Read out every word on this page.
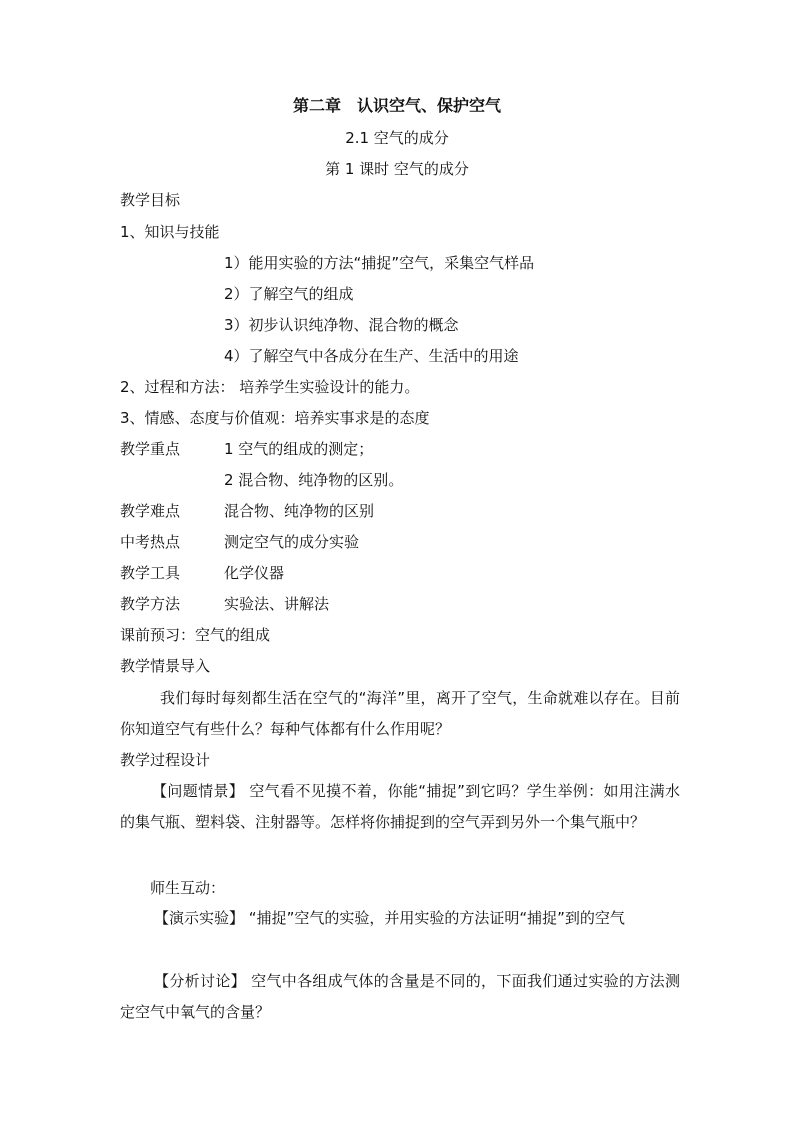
第二章　认识空气、保护空气
2.1 空气的成分
第 1 课时 空气的成分
教学目标
1、知识与技能
1）能用实验的方法“捕捉”空气，采集空气样品
2）了解空气的组成
3）初步认识纯净物、混合物的概念
4）了解空气中各成分在生产、生活中的用途
2、过程和方法： 培养学生实验设计的能力。
3、情感、态度与价值观：培养实事求是的态度
教学重点	1 空气的组成的测定；
2 混合物、纯净物的区别。
教学难点	混合物、纯净物的区别
中考热点	测定空气的成分实验
教学工具	化学仪器
教学方法	实验法、讲解法
课前预习：空气的组成
教学情景导入
我们每时每刻都生活在空气的“海洋”里，离开了空气，生命就难以存在。目前你知道空气有些什么？每种气体都有什么作用呢？
教学过程设计
【问题情景】 空气看不见摸不着，你能“捕捉”到它吗？学生举例：如用注满水的集气瓶、塑料袋、注射器等。怎样将你捕捉到的空气弄到另外一个集气瓶中？
师生互动：
【演示实验】 “捕捉”空气的实验，并用实验的方法证明“捕捉”到的空气
【分析讨论】 空气中各组成气体的含量是不同的，下面我们通过实验的方法测定空气中氧气的含量？
